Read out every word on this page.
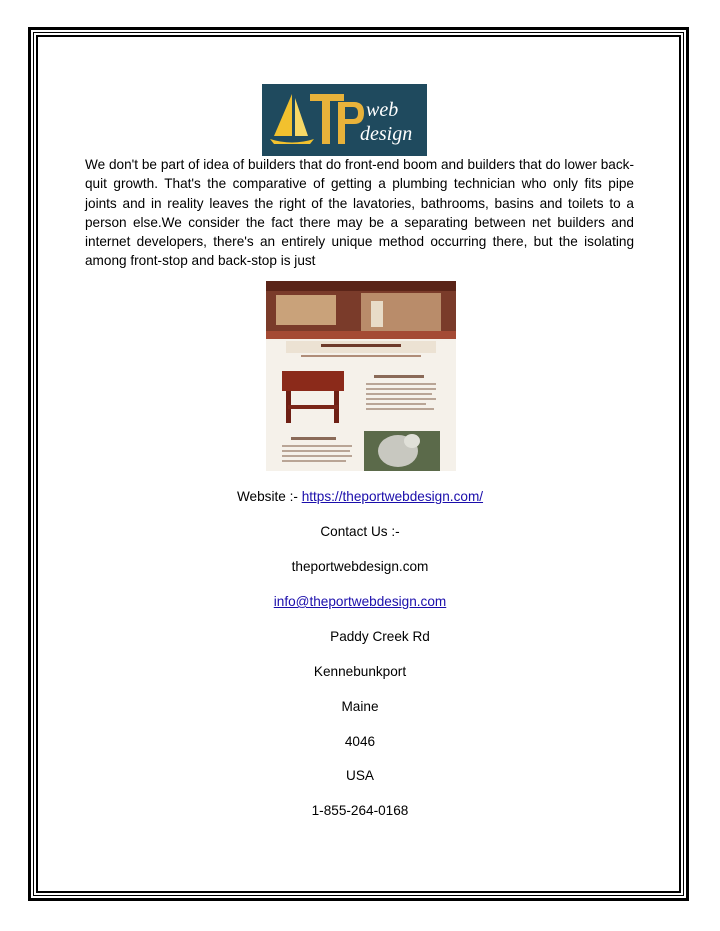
web
design
We don't be part of idea of builders that do front-end boom and builders that do lower back-quit growth. That's the comparative of getting a plumbing technician who only fits pipe joints and in reality leaves the right of the lavatories, bathrooms, basins and toilets to a person else.We consider the fact there may be a separating between net builders and internet developers, there's an entirely unique method occurring there, but the isolating among front-stop and back-stop is just
Website :- https://theportwebdesign.com/
Contact Us :-
theportwebdesign.com
info@theportwebdesign.com
Paddy Creek Rd
Kennebunkport
Maine
4046
USA
1-855-264-0168
